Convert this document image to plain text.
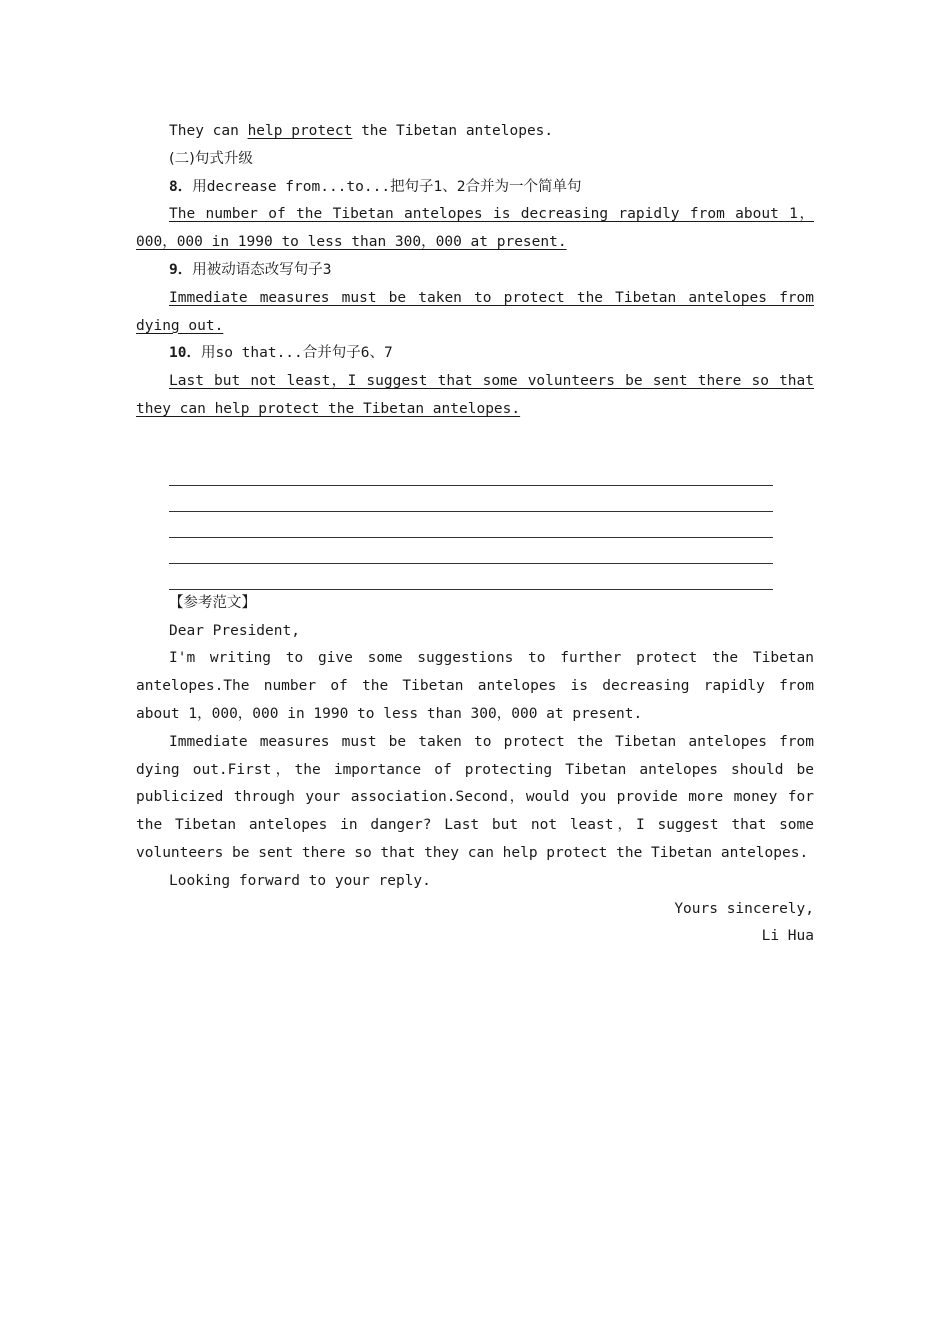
They can help protect the Tibetan antelopes.
(二)句式升级
8．用decrease from...to...把句子1、2合并为一个简单句
The number of the Tibetan antelopes is decreasing rapidly from about 1，000，000 in 1990 to less than 300，000 at present.
9．用被动语态改写句子3
Immediate measures must be taken to protect the Tibetan antelopes from dying out.
10．用so that...合并句子6、7
Last but not least，I suggest that some volunteers be sent there so that they can help protect the Tibetan antelopes.
【参考范文】
Dear President,
I'm writing to give some suggestions to further protect the Tibetan antelopes.The number of the Tibetan antelopes is decreasing rapidly from about 1，000，000 in 1990 to less than 300，000 at present.
Immediate measures must be taken to protect the Tibetan antelopes from dying out.First，the importance of protecting Tibetan antelopes should be publicized through your association.Second，would you provide more money for the Tibetan antelopes in danger? Last but not least，I suggest that some volunteers be sent there so that they can help protect the Tibetan antelopes.
Looking forward to your reply.
Yours sincerely,
Li Hua
